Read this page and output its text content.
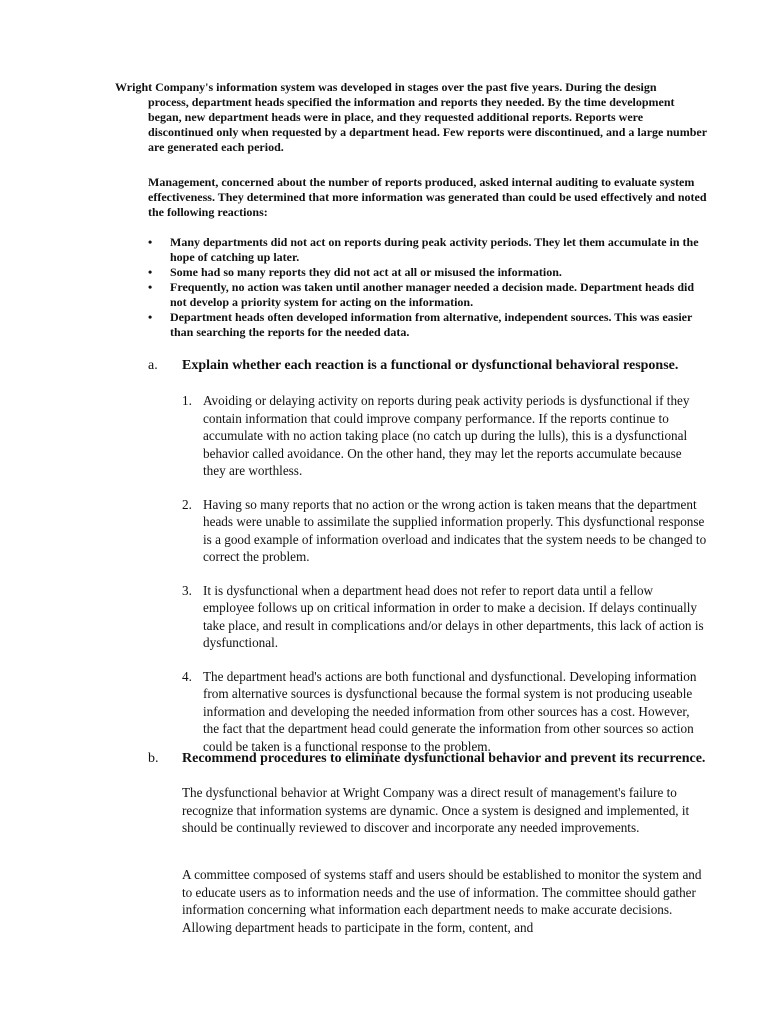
Wright Company's information system was developed in stages over the past five years. During the design

process, department heads specified the information and reports they needed. By the time development began, new department heads were in place, and they requested additional reports. Reports were discontinued only when requested by a department head. Few reports were discontinued, and a large number are generated each period.

Management, concerned about the number of reports produced, asked internal auditing to evaluate system effectiveness. They determined that more information was generated than could be used effectively and noted the following reactions:

• Many departments did not act on reports during peak activity periods. They let them accumulate in the hope of catching up later.
• Some had so many reports they did not act at all or misused the information.
• Frequently, no action was taken until another manager needed a decision made. Department heads did not develop a priority system for acting on the information.
• Department heads often developed information from alternative, independent sources. This was easier than searching the reports for the needed data.
a. Explain whether each reaction is a functional or dysfunctional behavioral response.
1. Avoiding or delaying activity on reports during peak activity periods is dysfunctional if they contain information that could improve company performance. If the reports continue to accumulate with no action taking place (no catch up during the lulls), this is a dysfunctional behavior called avoidance. On the other hand, they may let the reports accumulate because they are worthless.
2. Having so many reports that no action or the wrong action is taken means that the department heads were unable to assimilate the supplied information properly. This dysfunctional response is a good example of information overload and indicates that the system needs to be changed to correct the problem.
3. It is dysfunctional when a department head does not refer to report data until a fellow employee follows up on critical information in order to make a decision. If delays continually take place, and result in complications and/or delays in other departments, this lack of action is dysfunctional.
4. The department head's actions are both functional and dysfunctional. Developing information from alternative sources is dysfunctional because the formal system is not producing useable information and developing the needed information from other sources has a cost. However, the fact that the department head could generate the information from other sources so action could be taken is a functional response to the problem.
b. Recommend procedures to eliminate dysfunctional behavior and prevent its recurrence.

The dysfunctional behavior at Wright Company was a direct result of management's failure to recognize that information systems are dynamic. Once a system is designed and implemented, it should be continually reviewed to discover and incorporate any needed improvements.

A committee composed of systems staff and users should be established to monitor the system and to educate users as to information needs and the use of information. The committee should gather information concerning what information each department needs to make accurate decisions. Allowing department heads to participate in the form, content, and
